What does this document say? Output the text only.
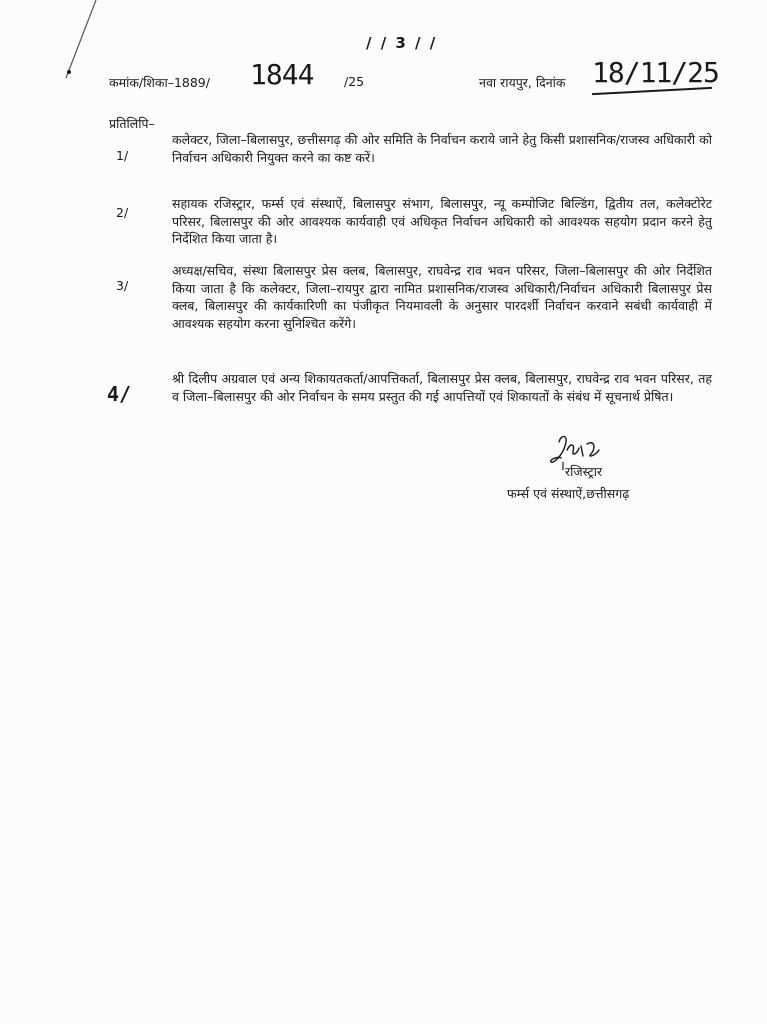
/ / 3 / /
कमांक/शिका–1889/ 1844 /25	नवा रायपुर, दिनांक 18/11/25
प्रतिलिपि–
1/
कलेक्टर, जिला–बिलासपुर, छत्तीसगढ़ की ओर समिति के निर्वाचन कराये जाने हेतु किसी प्रशासनिक/राजस्व अधिकारी को निर्वाचन अधिकारी नियुक्त करने का कष्ट करें।
2/
सहायक रजिस्ट्रार, फर्म्स एवं संस्थाऐं, बिलासपुर संभाग, बिलासपुर, न्यू कम्पोजिट बिल्डिंग, द्वितीय तल, कलेक्टोरेट परिसर, बिलासपुर की ओर आवश्यक कार्यवाही एवं अधिकृत निर्वाचन अधिकारी को आवश्यक सहयोग प्रदान करने हेतु निर्देशित किया जाता है।
3/
अध्यक्ष/सचिव, संस्था बिलासपुर प्रेस क्लब, बिलासपुर, राघवेन्द्र राव भवन परिसर, जिला–बिलासपुर की ओर निर्देशित किया जाता है कि कलेक्टर, जिला–रायपुर द्वारा नामित प्रशासनिक/राजस्व अधिकारी/निर्वाचन अधिकारी बिलासपुर प्रेस क्लब, बिलासपुर की कार्यकारिणी का पंजीकृत नियमावली के अनुसार पारदर्शी निर्वाचन करवाने सबंधी कार्यवाही में आवश्यक सहयोग करना सुनिश्चित करेंगे।
4/
श्री दिलीप अग्रवाल एवं अन्य शिकायतकर्ता/आपत्तिकर्ता, बिलासपुर प्रेस क्लब, बिलासपुर, राघवेन्द्र राव भवन परिसर, तह व जिला–बिलासपुर की ओर निर्वाचन के समय प्रस्तुत की गई आपत्तियों एवं शिकायतों के संबंध में सूचनार्थ प्रेषित।
रजिस्ट्रार
फर्म्स एवं संस्थाऐं,छत्तीसगढ़
